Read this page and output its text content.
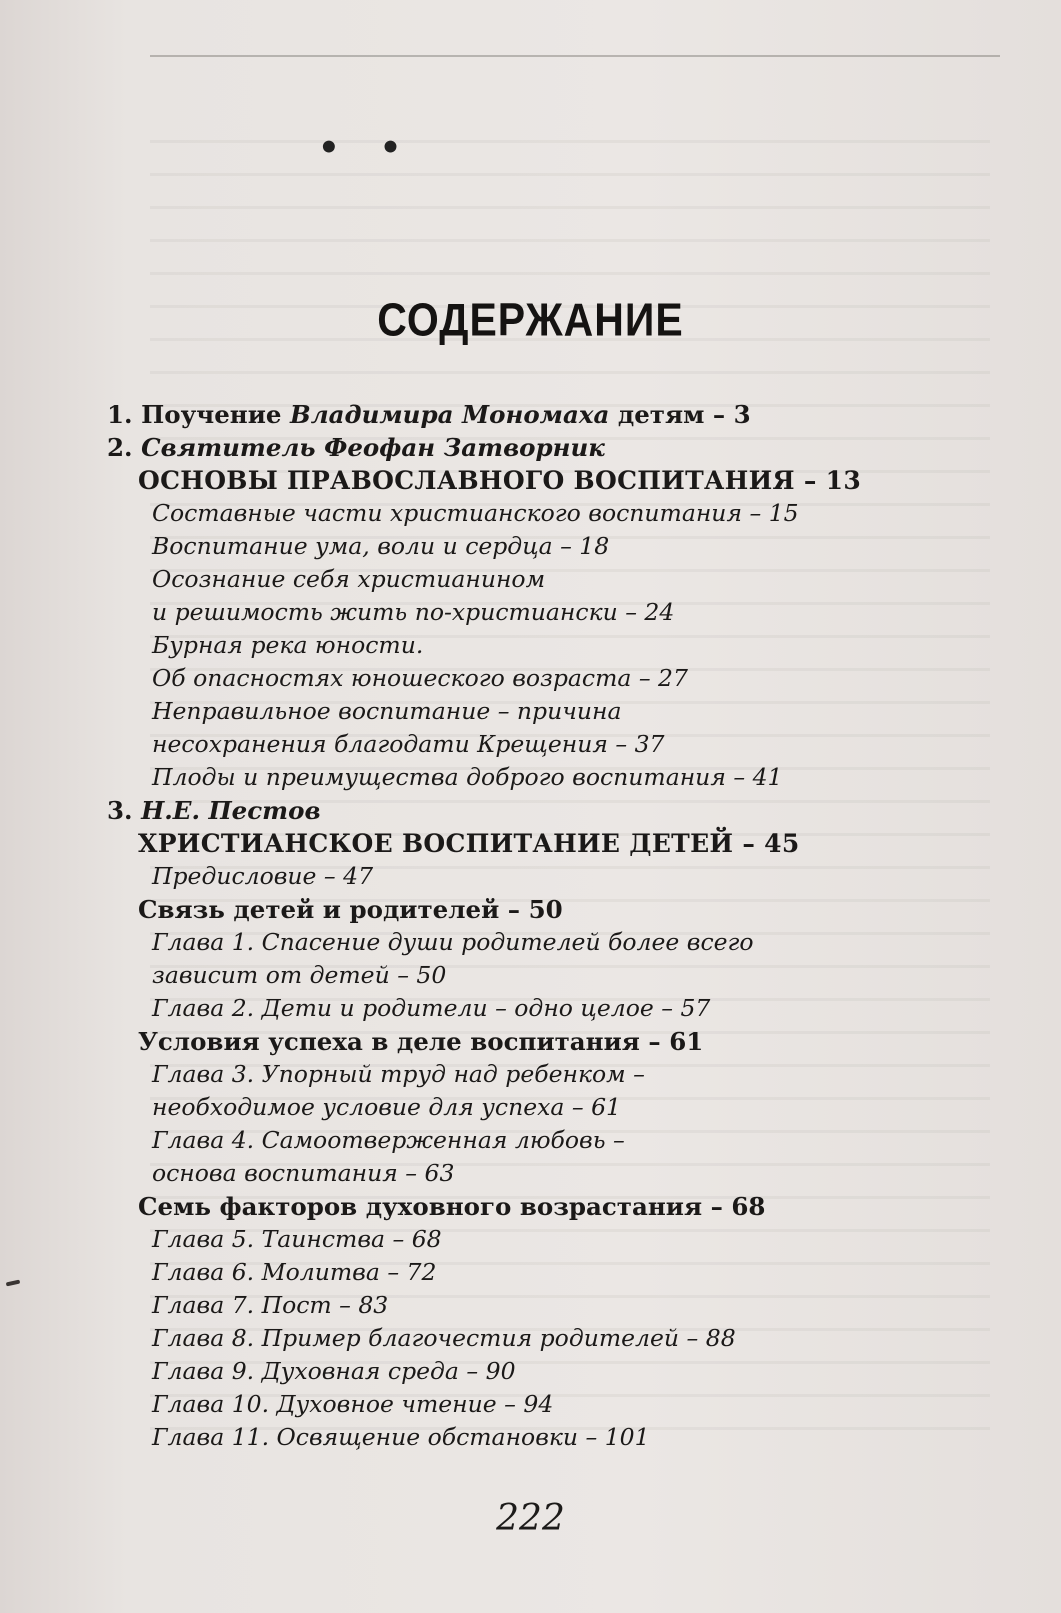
• •
СОДЕРЖАНИЕ
1. Поучение Владимира Мономаха детям – 3
2. Святитель Феофан Затворник
ОСНОВЫ ПРАВОСЛАВНОГО ВОСПИТАНИЯ – 13
Составные части христианского воспитания – 15
Воспитание ума, воли и сердца – 18
Осознание себя христианином
и решимость жить по-христиански – 24
Бурная река юности.
Об опасностях юношеского возраста – 27
Неправильное воспитание – причина
несохранения благодати Крещения – 37
Плоды и преимущества доброго воспитания – 41
3. Н.Е. Пестов
ХРИСТИАНСКОЕ ВОСПИТАНИЕ ДЕТЕЙ – 45
Предисловие – 47
Связь детей и родителей – 50
Глава 1. Спасение души родителей более всего
зависит от детей – 50
Глава 2. Дети и родители – одно целое – 57
Условия успеха в деле воспитания – 61
Глава 3. Упорный труд над ребенком –
необходимое условие для успеха – 61
Глава 4. Самоотверженная любовь –
основа воспитания – 63
Семь факторов духовного возрастания – 68
Глава 5. Таинства – 68
Глава 6. Молитва – 72
Глава 7. Пост – 83
Глава 8. Пример благочестия родителей – 88
Глава 9. Духовная среда – 90
Глава 10. Духовное чтение – 94
Глава 11. Освящение обстановки – 101
222
